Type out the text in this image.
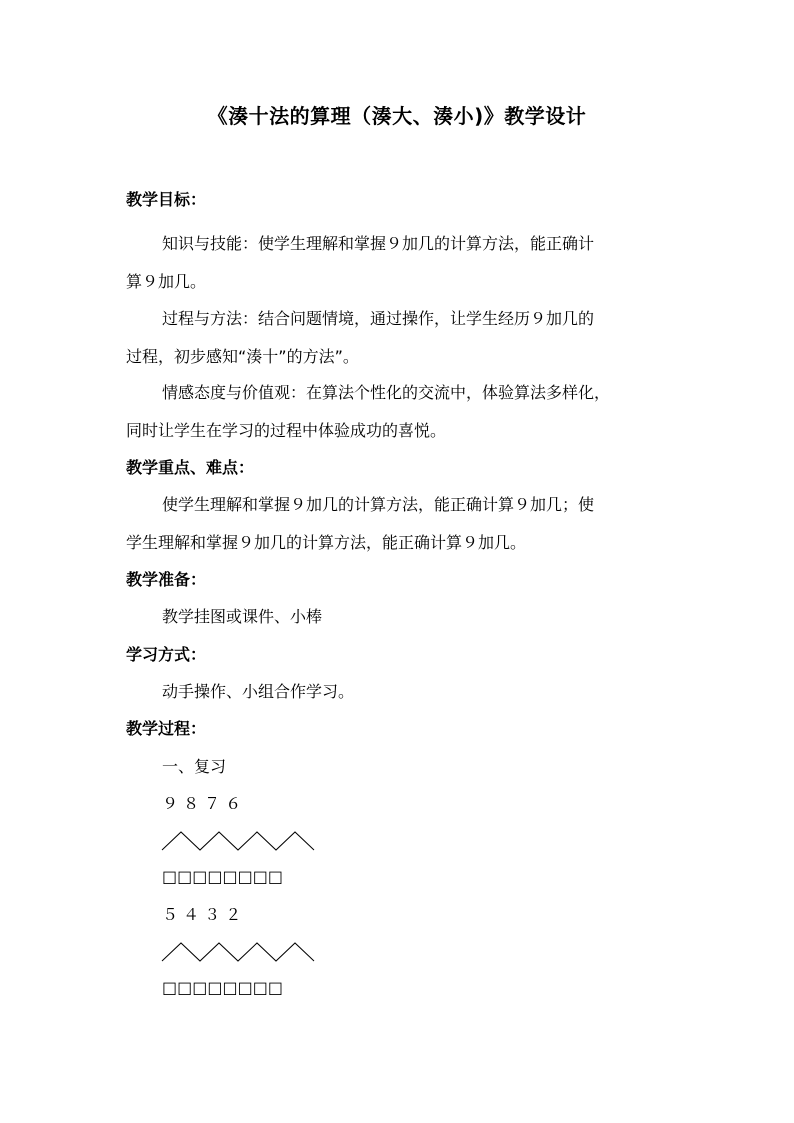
《湊十法的算理（湊大、湊小)》教学设计
教学目标：
知识与技能：使学生理解和掌握９加几的计算方法，能正确计
算９加几。
过程与方法：结合问题情境，通过操作，让学生经历９加几的
过程，初步感知“湊十”的方法”。
情感态度与价值观：在算法个性化的交流中，体验算法多样化，
同时让学生在学习的过程中体验成功的喜悦。
教学重点、难点：
使学生理解和掌握９加几的计算方法，能正确计算９加几；使
学生理解和掌握９加几的计算方法，能正确计算９加几。
教学准备：
教学挂图或课件、小棒
学习方式：
动手操作、小组合作学习。
教学过程：
一、复习
９ ８ ７ ６
□□□□□□□□
５ ４ ３ ２
□□□□□□□□
